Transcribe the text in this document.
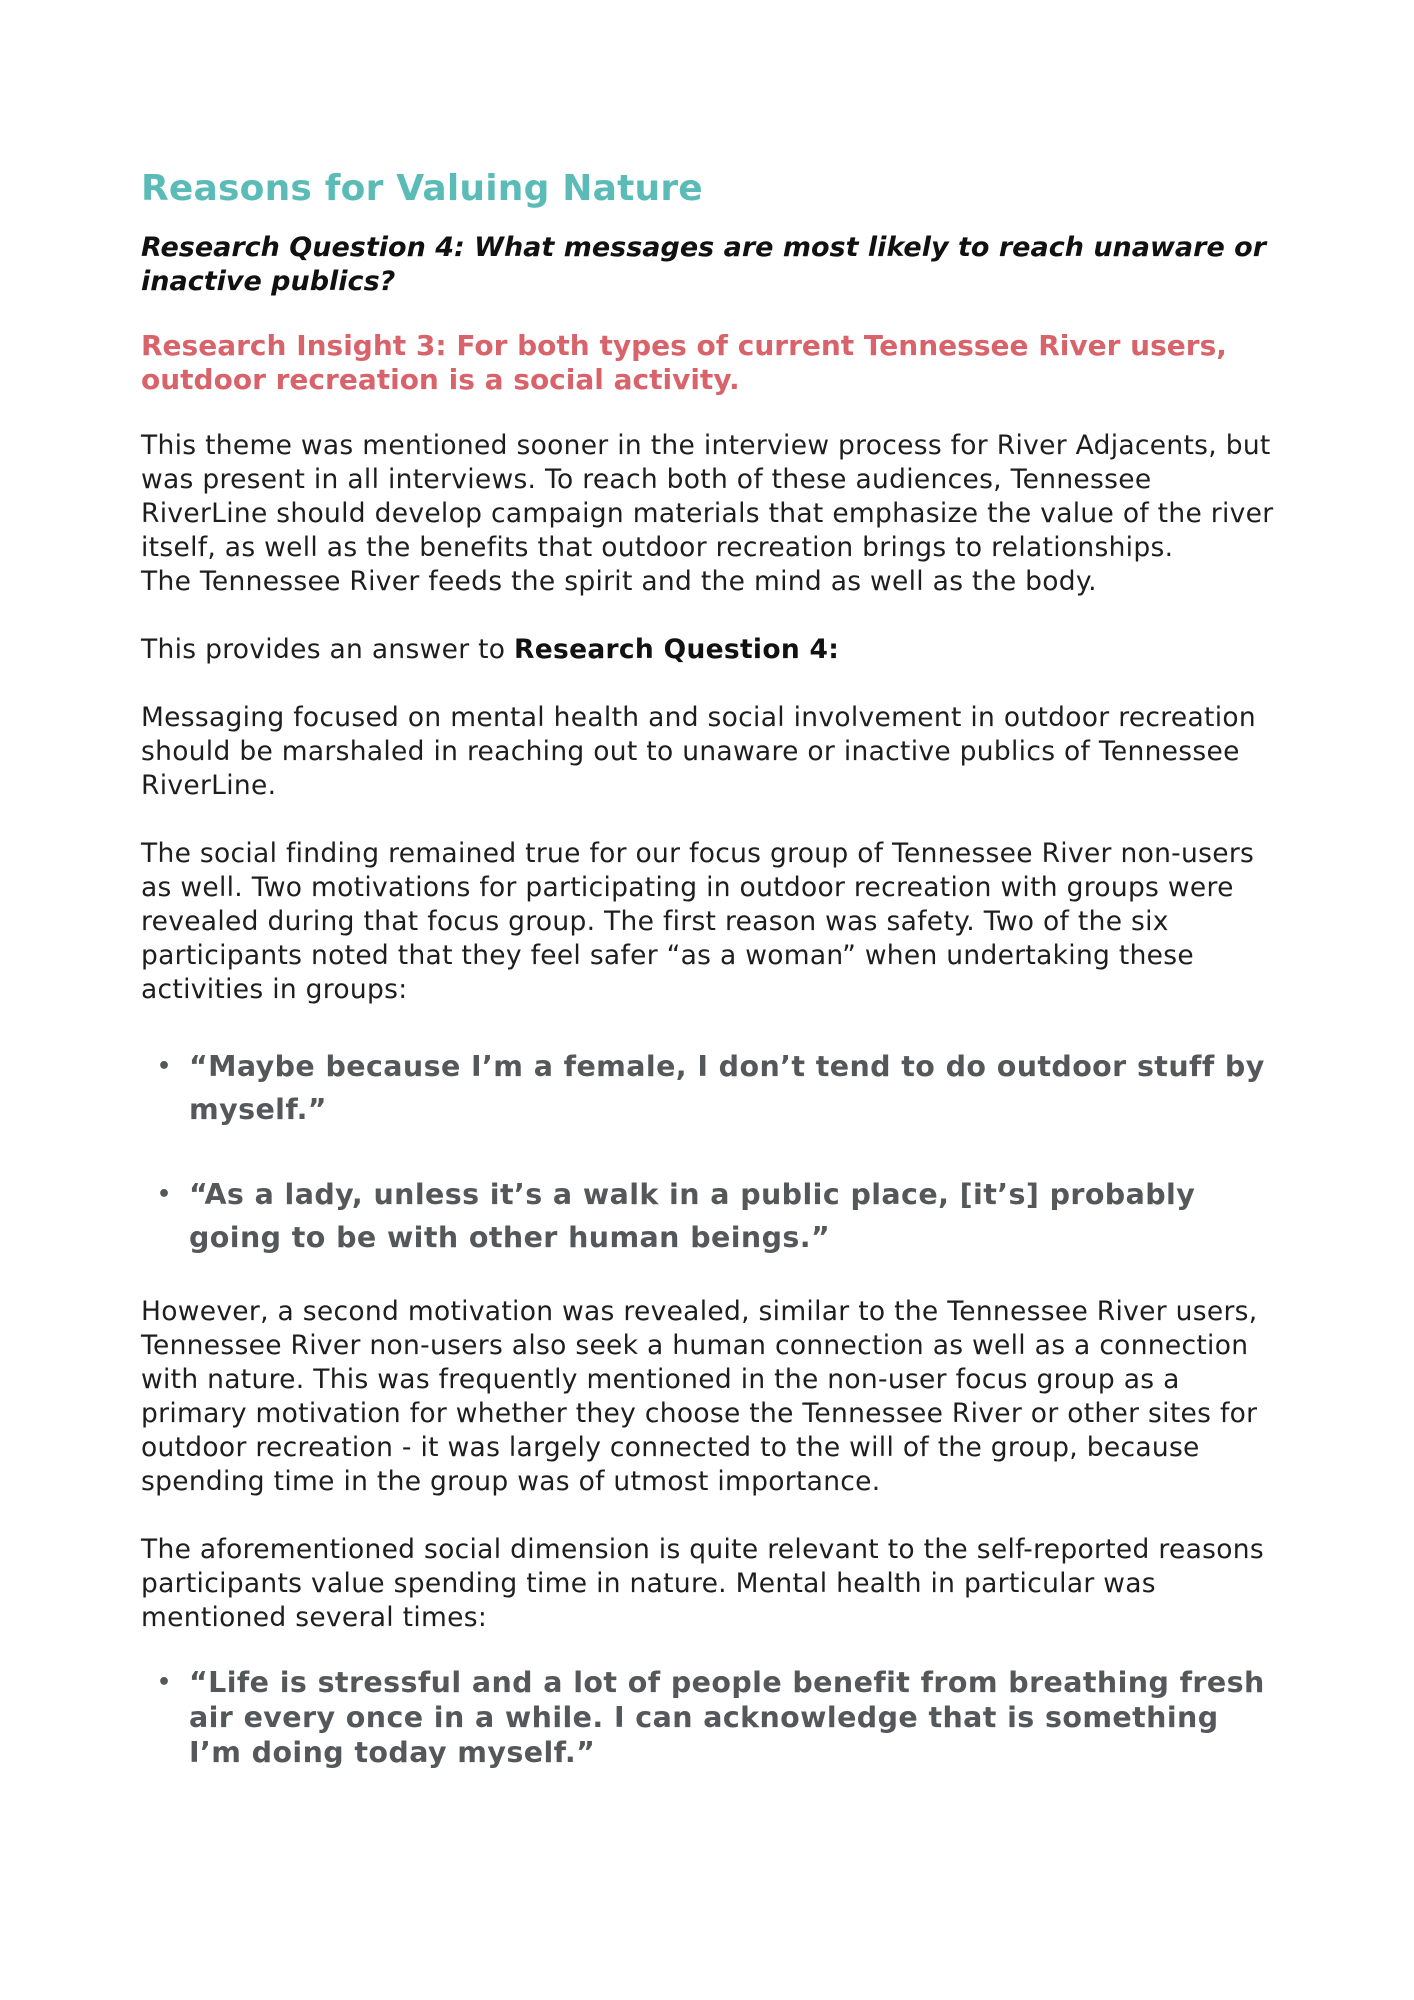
Reasons for Valuing Nature

Research Question 4: What messages are most likely to reach unaware or inactive publics?

Research Insight 3: For both types of current Tennessee River users, outdoor recreation is a social activity.

This theme was mentioned sooner in the interview process for River Adjacents, but
was present in all interviews. To reach both of these audiences, Tennessee
RiverLine should develop campaign materials that emphasize the value of the river
itself, as well as the benefits that outdoor recreation brings to relationships.
The Tennessee River feeds the spirit and the mind as well as the body.

This provides an answer to Research Question 4:

Messaging focused on mental health and social involvement in outdoor recreation
should be marshaled in reaching out to unaware or inactive publics of Tennessee
RiverLine.

The social finding remained true for our focus group of Tennessee River non-users
as well. Two motivations for participating in outdoor recreation with groups were
revealed during that focus group. The first reason was safety. Two of the six
participants noted that they feel safer “as a woman” when undertaking these
activities in groups:

• “Maybe because I’m a female, I don’t tend to do outdoor stuff by myself.”
• “As a lady, unless it’s a walk in a public place, [it’s] probably going to be with other human beings.”

However, a second motivation was revealed, similar to the Tennessee River users,
Tennessee River non-users also seek a human connection as well as a connection
with nature. This was frequently mentioned in the non-user focus group as a
primary motivation for whether they choose the Tennessee River or other sites for
outdoor recreation - it was largely connected to the will of the group, because
spending time in the group was of utmost importance.

The aforementioned social dimension is quite relevant to the self-reported reasons
participants value spending time in nature. Mental health in particular was
mentioned several times:

• “Life is stressful and a lot of people benefit from breathing fresh air every once in a while. I can acknowledge that is something I’m doing today myself.”
